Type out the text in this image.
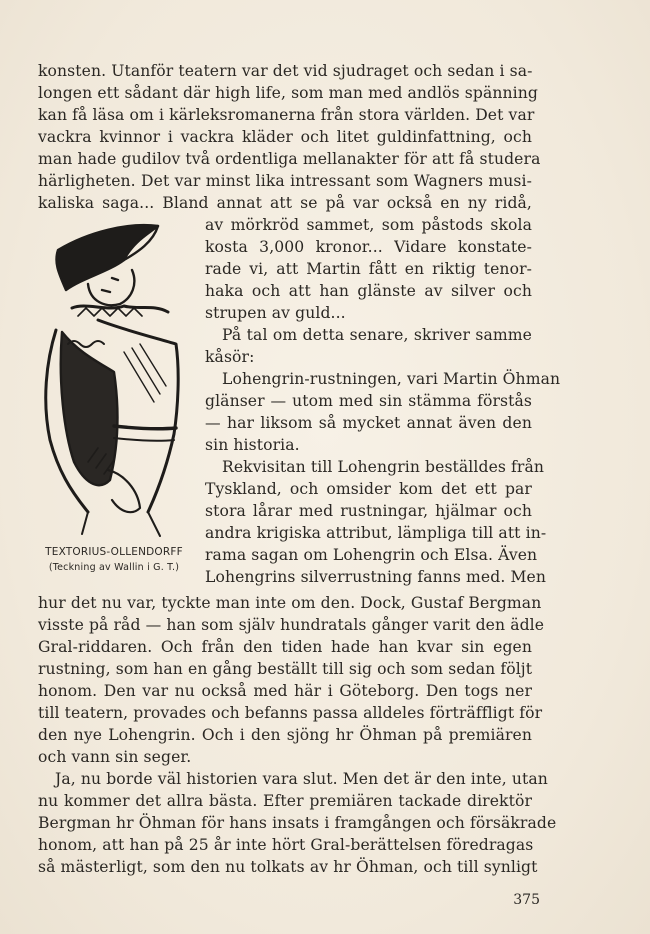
konsten. Utanför teatern var det vid sjudraget och sedan i sa-
longen ett sådant där high life, som man med andlös spänning
kan få läsa om i kärleksromanerna från stora världen. Det var
vackra kvinnor i vackra kläder och litet guldinfattning, och
man hade gudilov två ordentliga mellanakter för att få studera
härligheten. Det var minst lika intressant som Wagners musi-
kaliska saga... Bland annat att se på var också en ny ridå,
av mörkröd sammet, som påstods skola
kosta 3,000 kronor... Vidare konstate-
rade vi, att Martin fått en riktig tenor-
haka och att han glänste av silver och
strupen av guld...
På tal om detta senare, skriver samme
kåsör:
Lohengrin-rustningen, vari Martin Öhman
glänser — utom med sin stämma förstås
— har liksom så mycket annat även den
sin historia.
Rekvisitan till Lohengrin beställdes från
Tyskland, och omsider kom det ett par
stora lårar med rustningar, hjälmar och
andra krigiska attribut, lämpliga till att in-
rama sagan om Lohengrin och Elsa. Även
Lohengrins silverrustning fanns med. Men
TEXTORIUS-OLLENDORFF
(Teckning av Wallin i G. T.)
hur det nu var, tyckte man inte om den. Dock, Gustaf Bergman
visste på råd — han som själv hundratals gånger varit den ädle
Gral-riddaren. Och från den tiden hade han kvar sin egen
rustning, som han en gång beställt till sig och som sedan följt
honom. Den var nu också med här i Göteborg. Den togs ner
till teatern, provades och befanns passa alldeles förträffligt för
den nye Lohengrin. Och i den sjöng hr Öhman på premiären
och vann sin seger.
Ja, nu borde väl historien vara slut. Men det är den inte, utan
nu kommer det allra bästa. Efter premiären tackade direktör
Bergman hr Öhman för hans insats i framgången och försäkrade
honom, att han på 25 år inte hört Gral-berättelsen föredragas
så mästerligt, som den nu tolkats av hr Öhman, och till synligt
375
